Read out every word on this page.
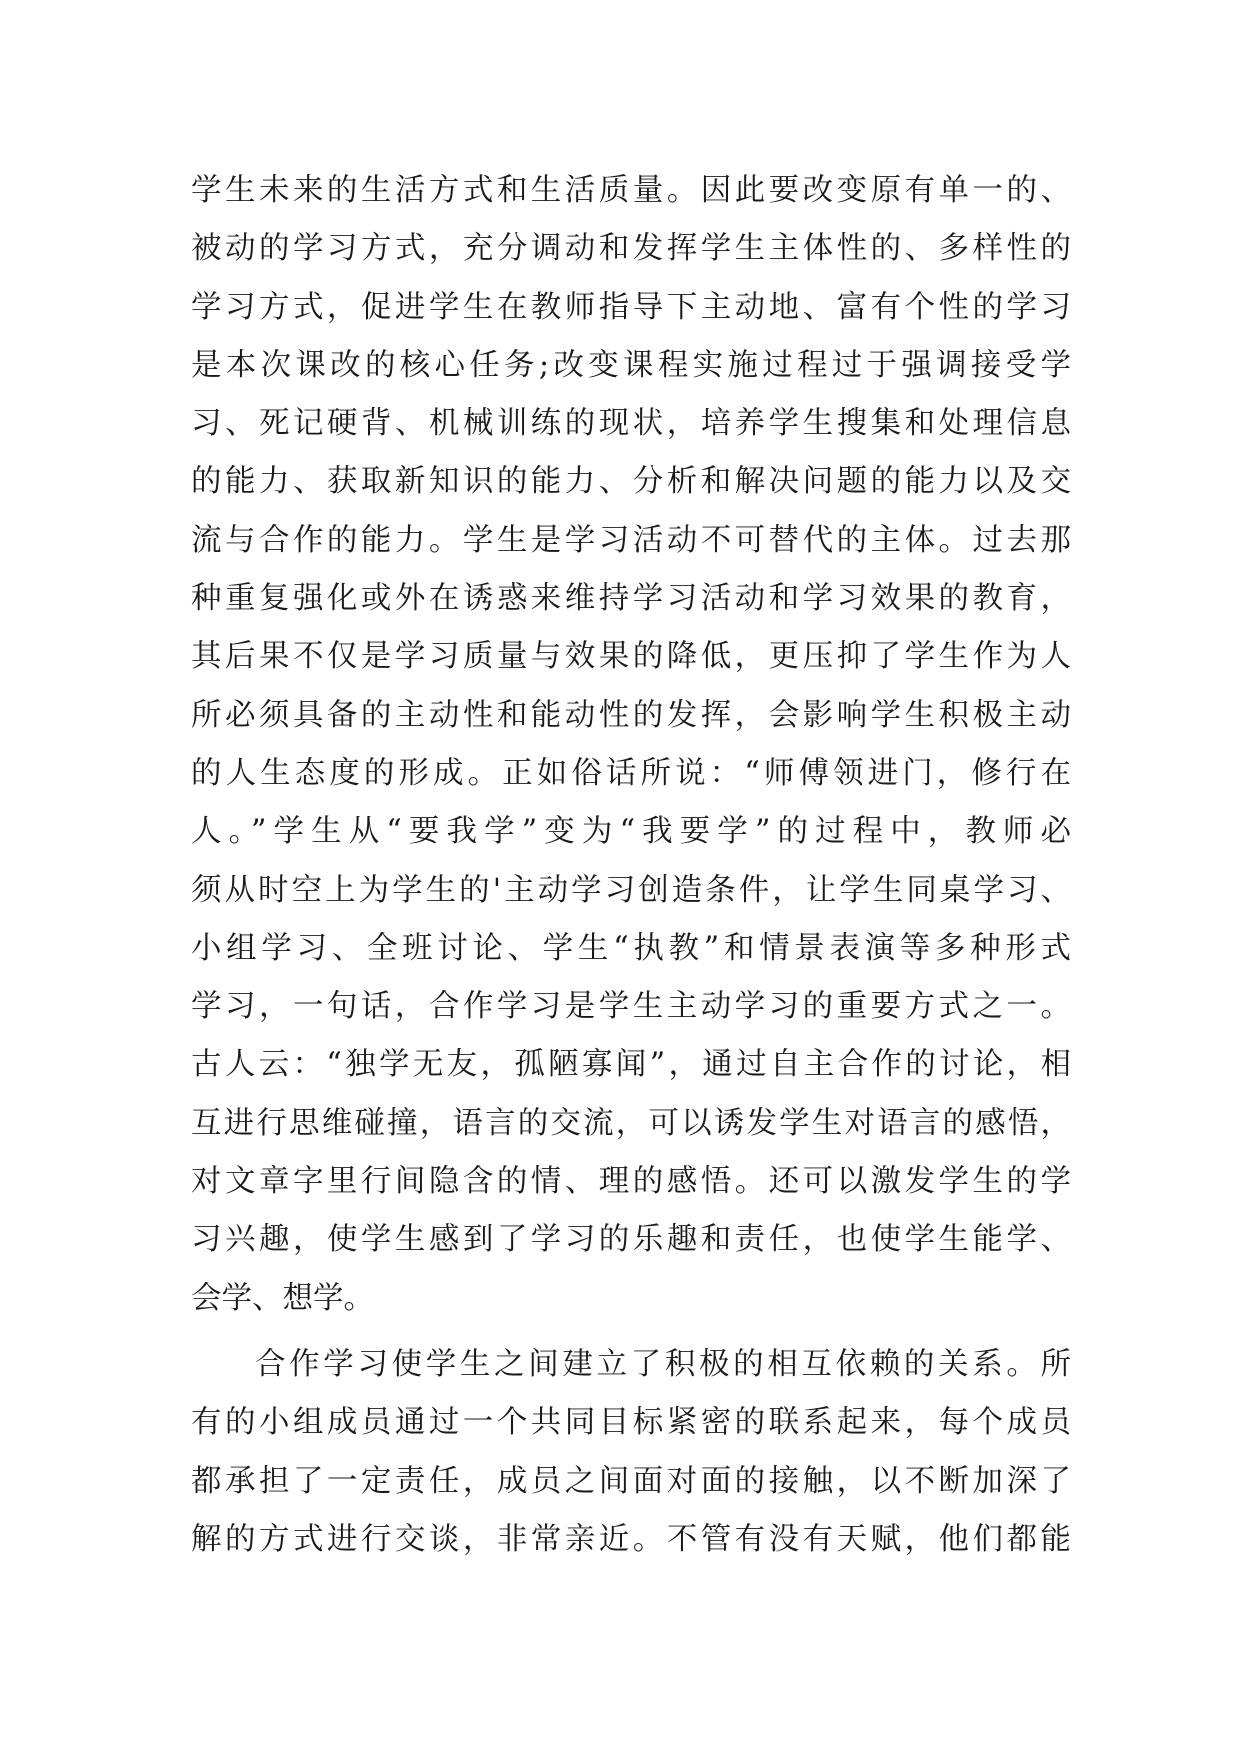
学生未来的生活方式和生活质量。因此要改变原有单一的、
被动的学习方式，充分调动和发挥学生主体性的、多样性的
学习方式，促进学生在教师指导下主动地、富有个性的学习
是本次课改的核心任务;改变课程实施过程过于强调接受学
习、死记硬背、机械训练的现状，培养学生搜集和处理信息
的能力、获取新知识的能力、分析和解决问题的能力以及交
流与合作的能力。学生是学习活动不可替代的主体。过去那
种重复强化或外在诱惑来维持学习活动和学习效果的教育，
其后果不仅是学习质量与效果的降低，更压抑了学生作为人
所必须具备的主动性和能动性的发挥，会影响学生积极主动
的人生态度的形成。正如俗话所说：“师傅领进门，修行在
人。”学生从“要我学”变为“我要学”的过程中，教师必
须从时空上为学生的'主动学习创造条件，让学生同桌学习、
小组学习、全班讨论、学生“执教”和情景表演等多种形式
学习，一句话，合作学习是学生主动学习的重要方式之一。
古人云：“独学无友，孤陋寡闻”，通过自主合作的讨论，相
互进行思维碰撞，语言的交流，可以诱发学生对语言的感悟，
对文章字里行间隐含的情、理的感悟。还可以激发学生的学
习兴趣，使学生感到了学习的乐趣和责任，也使学生能学、
会学、想学。
合作学习使学生之间建立了积极的相互依赖的关系。所
有的小组成员通过一个共同目标紧密的联系起来，每个成员
都承担了一定责任，成员之间面对面的接触，以不断加深了
解的方式进行交谈，非常亲近。不管有没有天赋，他们都能
